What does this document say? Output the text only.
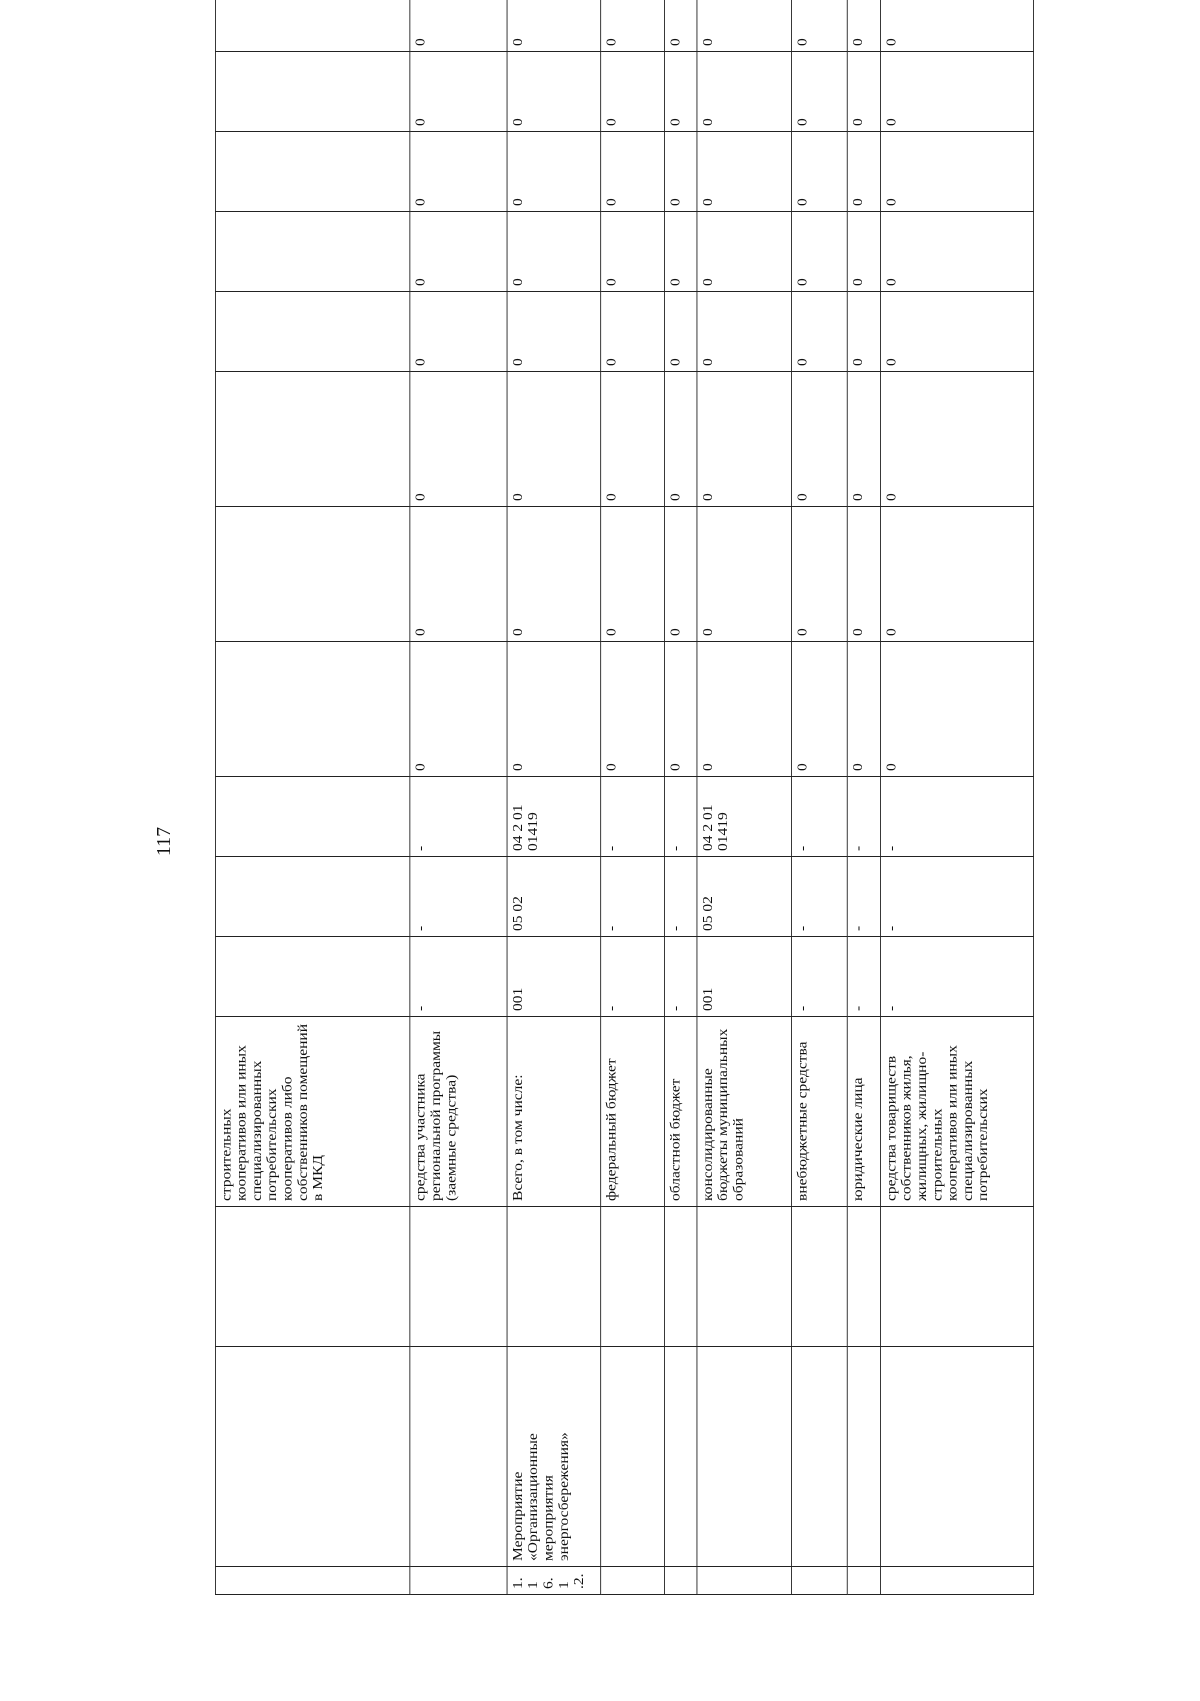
117
			строительных кооперативов или иных специализированных потребительских кооперативов либо собственников помещений в МКД											
			средства участника региональной программы (заемные средства)	-	-	-	0	0	0	0	0	0	0	0
1.1 6.1 .2.	Мероприятие «Организационные мероприятия энергосбережения»		Всего, в том числе:	001	05 02	04 2 01 01419	0	0	0	0	0	0	0	0
			федеральный бюджет	-	-	-	0	0	0	0	0	0	0	0
			областной бюджет	-	-	-	0	0	0	0	0	0	0	0
			консолидированные бюджеты муниципальных образований	001	05 02	04 2 01 01419	0	0	0	0	0	0	0	0
			внебюджетные средства	-	-	-	0	0	0	0	0	0	0	0
			юридические лица	-	-	-	0	0	0	0	0	0	0	0
			средства товариществ собственников жилья, жилищных, жилищно-строительных кооперативов или иных специализированных потребительских	-	-	-	0	0	0	0	0	0	0	0
